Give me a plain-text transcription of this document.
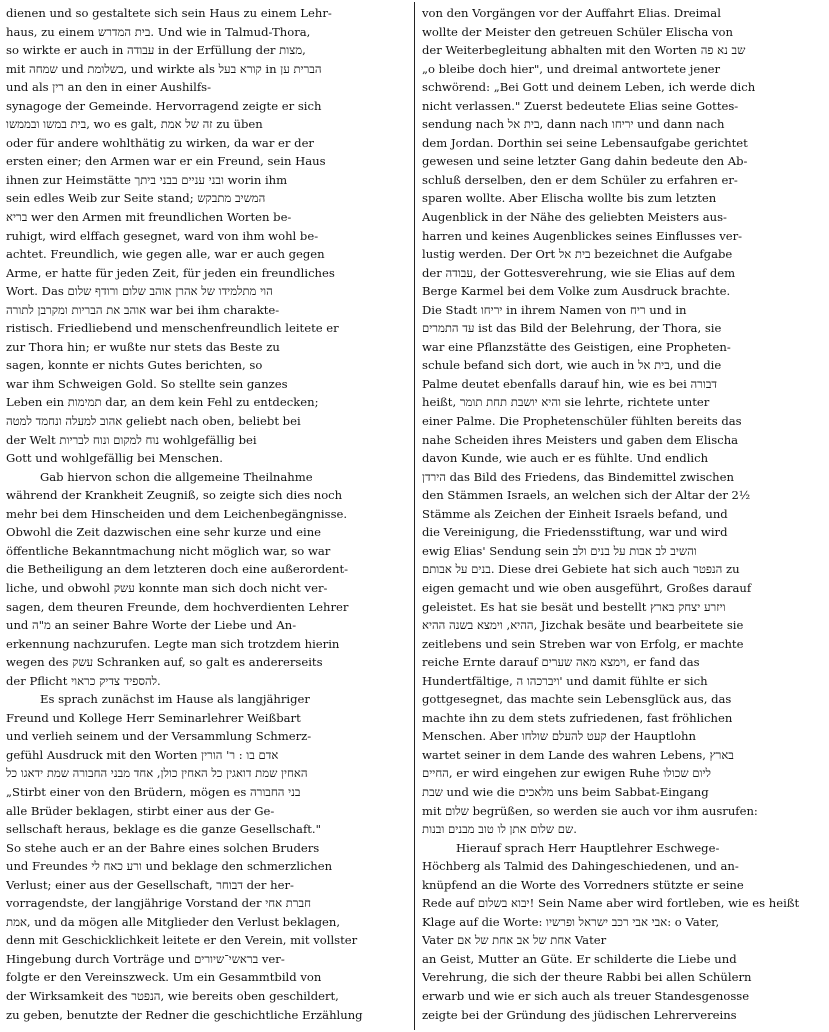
dienen und so gestaltete sich sein Haus zu einem Lehr-
haus, zu einem בית המדרש. Und wie in Talmud-Thora,
so wirkte er auch in עבודה in der Erfüllung der מצות,
mit שמחה und בשלומת, und wirkte als קורא בעל in הברית ען
und als רין an den in einer Aushilfs-
synagoge der Gemeinde. Hervorragend zeigte er sich
בית במשו ובממשו, wo es galt, זה של אמת zu üben
oder für andere wohlthätig zu wirken, da war er der
ersten einer; den Armen war er ein Freund, sein Haus
ihnen zur Heimstätte ובני עניים בבני ביתך worin ihm
sein edles Weib zur Seite stand; המשיב מתבקש
בריא wer den Armen mit freundlichen Worten be-
ruhigt, wird elffach gesegnet, ward von ihm wohl be-
achtet. Freundlich, wie gegen alle, war er auch gegen
Arme, er hatte für jeden Zeit, für jeden ein freundliches
Wort. Das הוי מתלמידו של אהרן אוהב שלום ורודף שלום
אוהב את הבריות ומקרבן לתורה war bei ihm charakte-
ristisch. Friedliebend und menschenfreundlich leitete er
zur Thora hin; er wußte nur stets das Beste zu
sagen, konnte er nichts Gutes berichten, so
war ihm Schweigen Gold. So stellte sein ganzes
Leben ein תמימות dar, an dem kein Fehl zu entdecken;
אהוב למעלה ונחמד למטה geliebt nach oben, beliebt bei
der Welt נוח למקום ונוח לבריות wohlgefällig bei
Gott und wohlgefällig bei Menschen.
Gab hiervon schon die allgemeine Theilnahme
während der Krankheit Zeugniß, so zeigte sich dies noch
mehr bei dem Hinscheiden und dem Leichenbegängnisse.
Obwohl die Zeit dazwischen eine sehr kurze und eine
öffentliche Bekanntmachung nicht möglich war, so war
die Betheiligung an dem letzteren doch eine außerordent-
liche, und obwohl עשק konnte man sich doch nicht ver-
sagen, dem theuren Freunde, dem hochverdienten Lehrer
und מ"ה an seiner Bahre Worte der Liebe und An-
erkennung nachzurufen. Legte man sich trotzdem hierin
wegen des עשק Schranken auf, so galt es andererseits
der Pflicht להספיד צדיק כראוי.
Es sprach zunächst im Hause als langjähriger
Freund und Kollege Herr Seminarlehrer Weißbart
und verlieh seinem und der Versammlung Schmerz-
gefühl Ausdruck mit den Worten אדם בו : ר' הורין
האחין שמת דואגין כל האחין כולן, אחד מבני החבורה שמת ידאגו כל
„Stirbt einer von den Brüdern, mögen es בני החבורה
alle Brüder beklagen, stirbt einer aus der Ge-
sellschaft heraus, beklage es die ganze Gesellschaft."
So stehe auch er an der Bahre eines solchen Bruders
und Freundes ורע כאח לי und beklage den schmerzlichen
Verlust; einer aus der Gesellschaft, דבוחר der her-
vorragendste, der langjährige Vorstand der חברת אחי
אמת, und da mögen alle Mitglieder den Verlust beklagen,
denn mit Geschicklichkeit leitete er den Verein, mit vollster
Hingebung durch Vorträge und בראשי־שיורים ver-
folgte er den Vereinszweck. Um ein Gesammtbild von
der Wirksamkeit des הנפטר, wie bereits oben geschildert,
zu geben, benutzte der Redner die geschichtliche Erzählung
von den Vorgängen vor der Auffahrt Elias. Dreimal
wollte der Meister den getreuen Schüler Elischa von
der Weiterbegleitung abhalten mit den Worten שב נא פה
„o bleibe doch hier", und dreimal antwortete jener
schwörend: „Bei Gott und deinem Leben, ich werde dich
nicht verlassen." Zuerst bedeutete Elias seine Gottes-
sendung nach בית אל, dann nach יריחו und dann nach
dem Jordan. Dorthin sei seine Lebensaufgabe gerichtet
gewesen und seine letzter Gang dahin bedeute den Ab-
schluß derselben, den er dem Schüler zu erfahren er-
sparen wollte. Aber Elischa wollte bis zum letzten
Augenblick in der Nähe des geliebten Meisters aus-
harren und keines Augenblickes seines Einflusses ver-
lustig werden. Der Ort בית אל bezeichnet die Aufgabe
der עבודה, der Gottesverehrung, wie sie Elias auf dem
Berge Karmel bei dem Volke zum Ausdruck brachte.
Die Stadt יריחו in ihrem Namen von ריח und in
עד התמרים ist das Bild der Belehrung, der Thora, sie
war eine Pflanzstätte des Geistigen, eine Propheten-
schule befand sich dort, wie auch in בית אל, und die
Palme deutet ebenfalls darauf hin, wie es bei דבורה
heißt, והיא יושבת תחת תומר sie lehrte, richtete unter
einer Palme. Die Prophetenschüler fühlten bereits das
nahe Scheiden ihres Meisters und gaben dem Elischa
davon Kunde, wie auch er es fühlte. Und endlich
הירדן das Bild des Friedens, das Bindemittel zwischen
den Stämmen Israels, an welchen sich der Altar der 2½
Stämme als Zeichen der Einheit Israels befand, und
die Vereinigung, die Friedensstiftung, war und wird
ewig Elias' Sendung sein והשיב לב אבות על בנים ולב
בנים על אבותם. Diese drei Gebiete hat sich auch הנפטר zu
eigen gemacht und wie oben ausgeführt, Großes darauf
geleistet. Es hat sie besät und bestellt ויזרע יצחק בארץ
ההיא, וימצא בשנה ההיא, Jizchak besäte und bearbeitete sie
zeitlebens und sein Streben war von Erfolg, er machte
reiche Ernte darauf וימצא מאה שערים, er fand das
Hundertfältige, ויברכהו ה' und damit fühlte er sich
gottgesegnet, das machte sein Lebensglück aus, das
machte ihn zu dem stets zufriedenen, fast fröhlichen
Menschen. Aber קעט להעלם שולחו der Hauptlohn
wartet seiner in dem Lande des wahren Lebens, בארץ
החיים, er wird eingehen zur ewigen Ruhe ליום שכולו
שבת und wie die מלאכים uns beim Sabbat-Eingang
mit שלום begrüßen, so werden sie auch vor ihm ausrufen:
שם שלום אתן לו טוב מבנים ובנות.
Hierauf sprach Herr Hauptlehrer Eschwege-
Höchberg als Talmid des Dahingeschiedenen, und an-
knüpfend an die Worte des Vorredners stützte er seine
Rede auf יבוא בשלום! Sein Name aber wird fortleben, wie es heißt
Klage auf die Worte: אבי אבי רכב ישראל ופרשיו: o Vater,
Vater אחת של אב אחת של אם Vater
an Geist, Mutter an Güte. Er schilderte die Liebe und
Verehrung, die sich der theure Rabbi bei allen Schülern
erwarb und wie er sich auch als treuer Standesgenosse
zeigte bei der Gründung des jüdischen Lehrervereins
